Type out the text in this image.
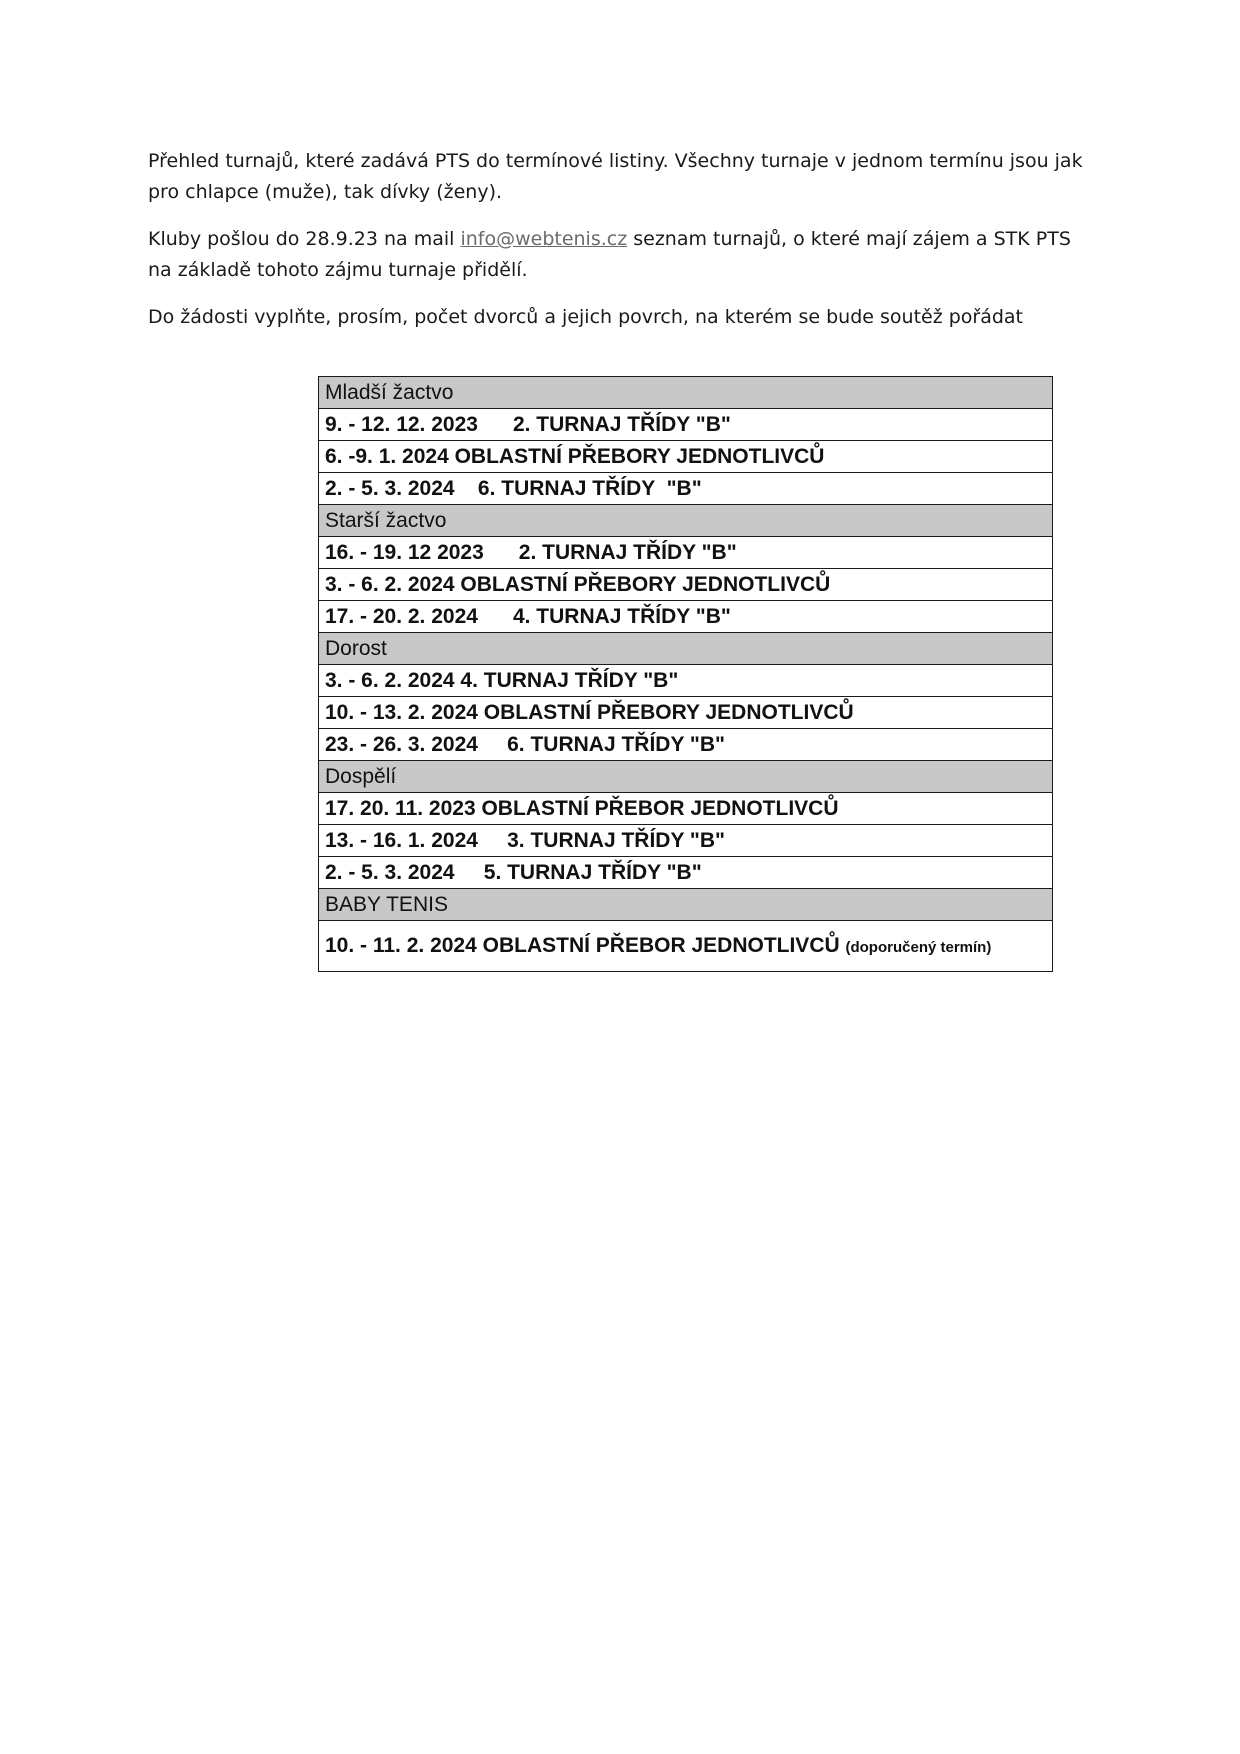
Přehled turnajů, které zadává PTS do termínové listiny. Všechny turnaje v jednom termínu jsou jak pro chlapce (muže), tak dívky (ženy).

Kluby pošlou do 28.9.23 na mail info@webtenis.cz seznam turnajů, o které mají zájem a STK PTS na základě tohoto zájmu turnaje přidělí.

Do žádosti vyplňte, prosím, počet dvorců a jejich povrch, na kterém se bude soutěž pořádat

Mladší žactvo
9. - 12. 12. 2023      2. TURNAJ TŘÍDY "B"
6. -9. 1. 2024 OBLASTNÍ PŘEBORY JEDNOTLIVCŮ
2. - 5. 3. 2024    6. TURNAJ TŘÍDY  "B"
Starší žactvo
16. - 19. 12 2023      2. TURNAJ TŘÍDY "B"
3. - 6. 2. 2024 OBLASTNÍ PŘEBORY JEDNOTLIVCŮ
17. - 20. 2. 2024      4. TURNAJ TŘÍDY "B"
Dorost
3. - 6. 2. 2024 4. TURNAJ TŘÍDY "B"
10. - 13. 2. 2024 OBLASTNÍ PŘEBORY JEDNOTLIVCŮ
23. - 26. 3. 2024     6. TURNAJ TŘÍDY "B"
Dospělí
17. 20. 11. 2023 OBLASTNÍ PŘEBOR JEDNOTLIVCŮ
13. - 16. 1. 2024     3. TURNAJ TŘÍDY "B"
2. - 5. 3. 2024     5. TURNAJ TŘÍDY "B"
BABY TENIS
10. - 11. 2. 2024 OBLASTNÍ PŘEBOR JEDNOTLIVCŮ (doporučený termín)
